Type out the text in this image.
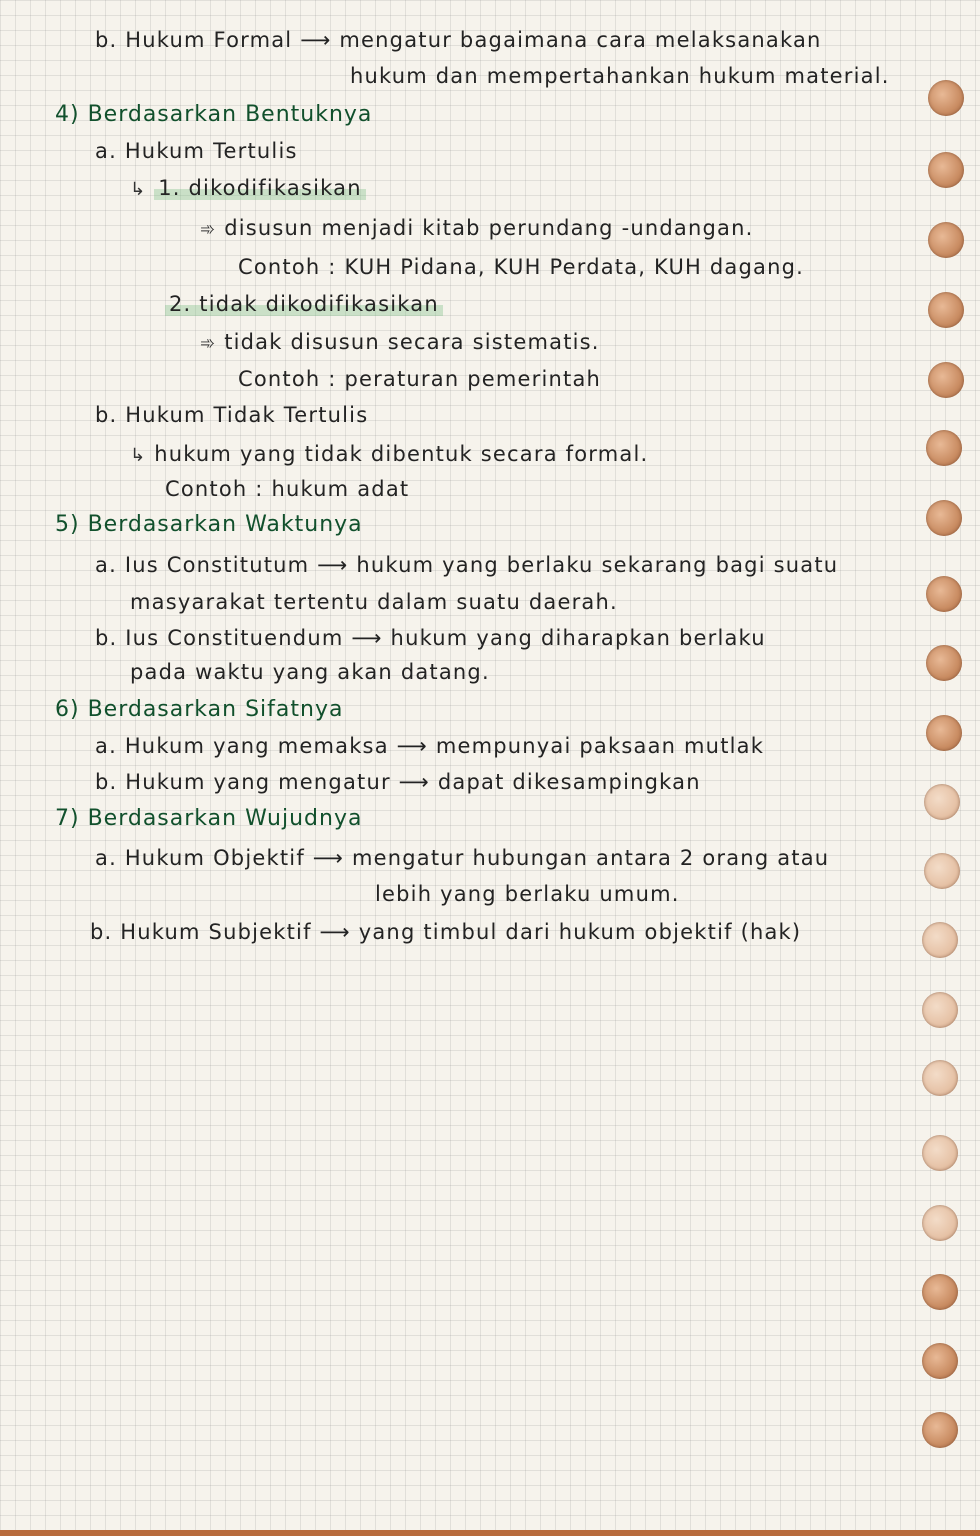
b. Hukum Formal ⟶ mengatur bagaimana cara melaksanakan
hukum dan mempertahankan hukum material.
4) Berdasarkan Bentuknya
a. Hukum Tertulis
↳ 1. dikodifikasikan
➾ disusun menjadi kitab perundang -undangan.
Contoh : KUH Pidana, KUH Perdata, KUH dagang.
2. tidak dikodifikasikan
➾ tidak disusun secara sistematis.
Contoh : peraturan pemerintah
b. Hukum Tidak Tertulis
↳ hukum yang tidak dibentuk secara formal.
Contoh : hukum adat
5) Berdasarkan Waktunya
a. Ius Constitutum ⟶ hukum yang berlaku sekarang bagi suatu
masyarakat tertentu dalam suatu daerah.
b. Ius Constituendum ⟶ hukum yang diharapkan berlaku
pada waktu yang akan datang.
6) Berdasarkan Sifatnya
a. Hukum yang memaksa ⟶ mempunyai paksaan mutlak
b. Hukum yang mengatur ⟶ dapat dikesampingkan
7) Berdasarkan Wujudnya
a. Hukum Objektif ⟶ mengatur hubungan antara 2 orang atau
lebih yang berlaku umum.
b. Hukum Subjektif ⟶ yang timbul dari hukum objektif (hak)
